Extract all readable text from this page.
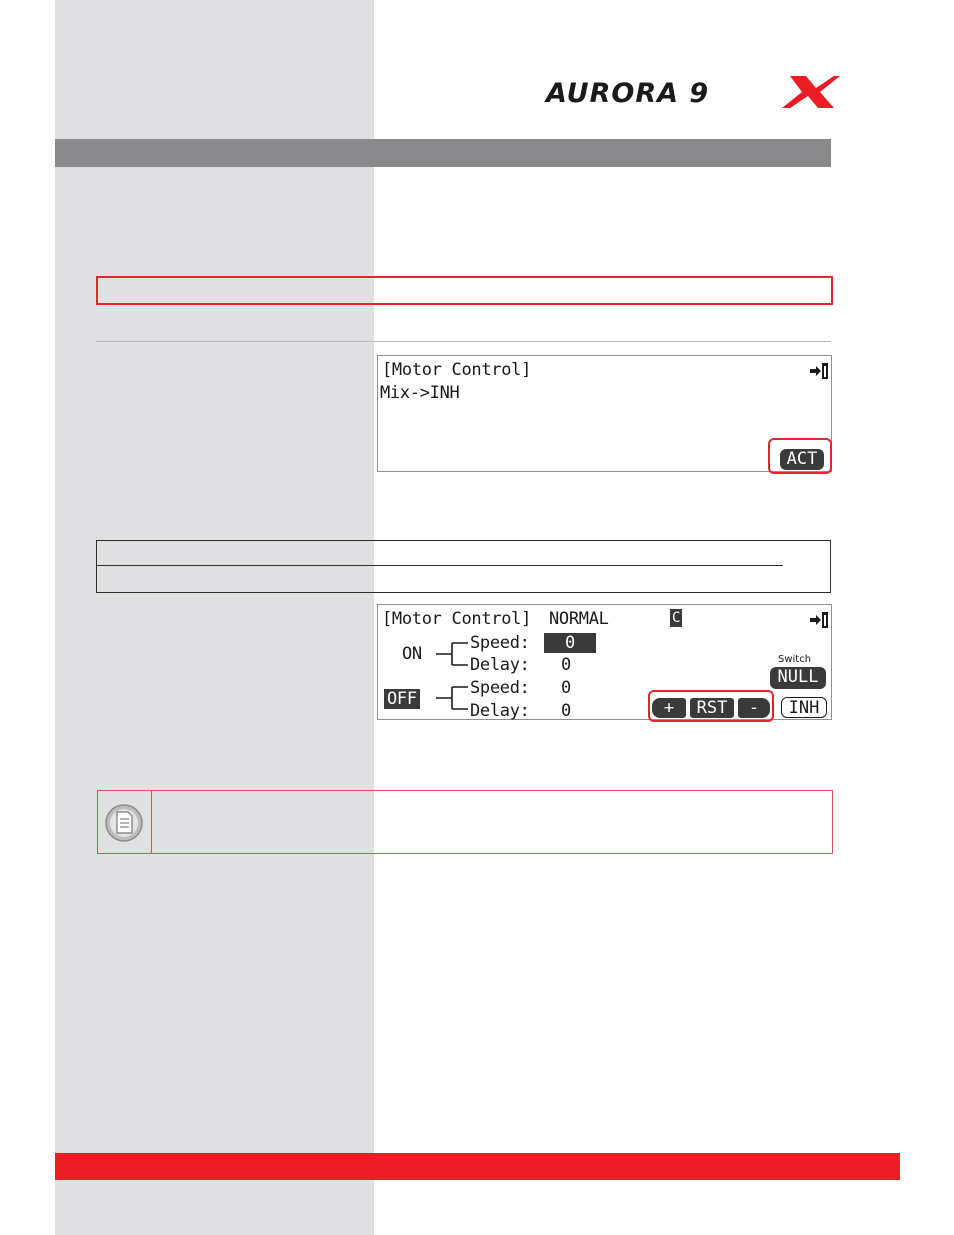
AURORA 9
[Motor Control]
Mix->INH
ACT
[Motor Control] NORMAL	C
ON
Speed:	0
Delay: 0
OFF
Speed: 0
Delay: 0
Switch
NULL
+	RST	-	INH
